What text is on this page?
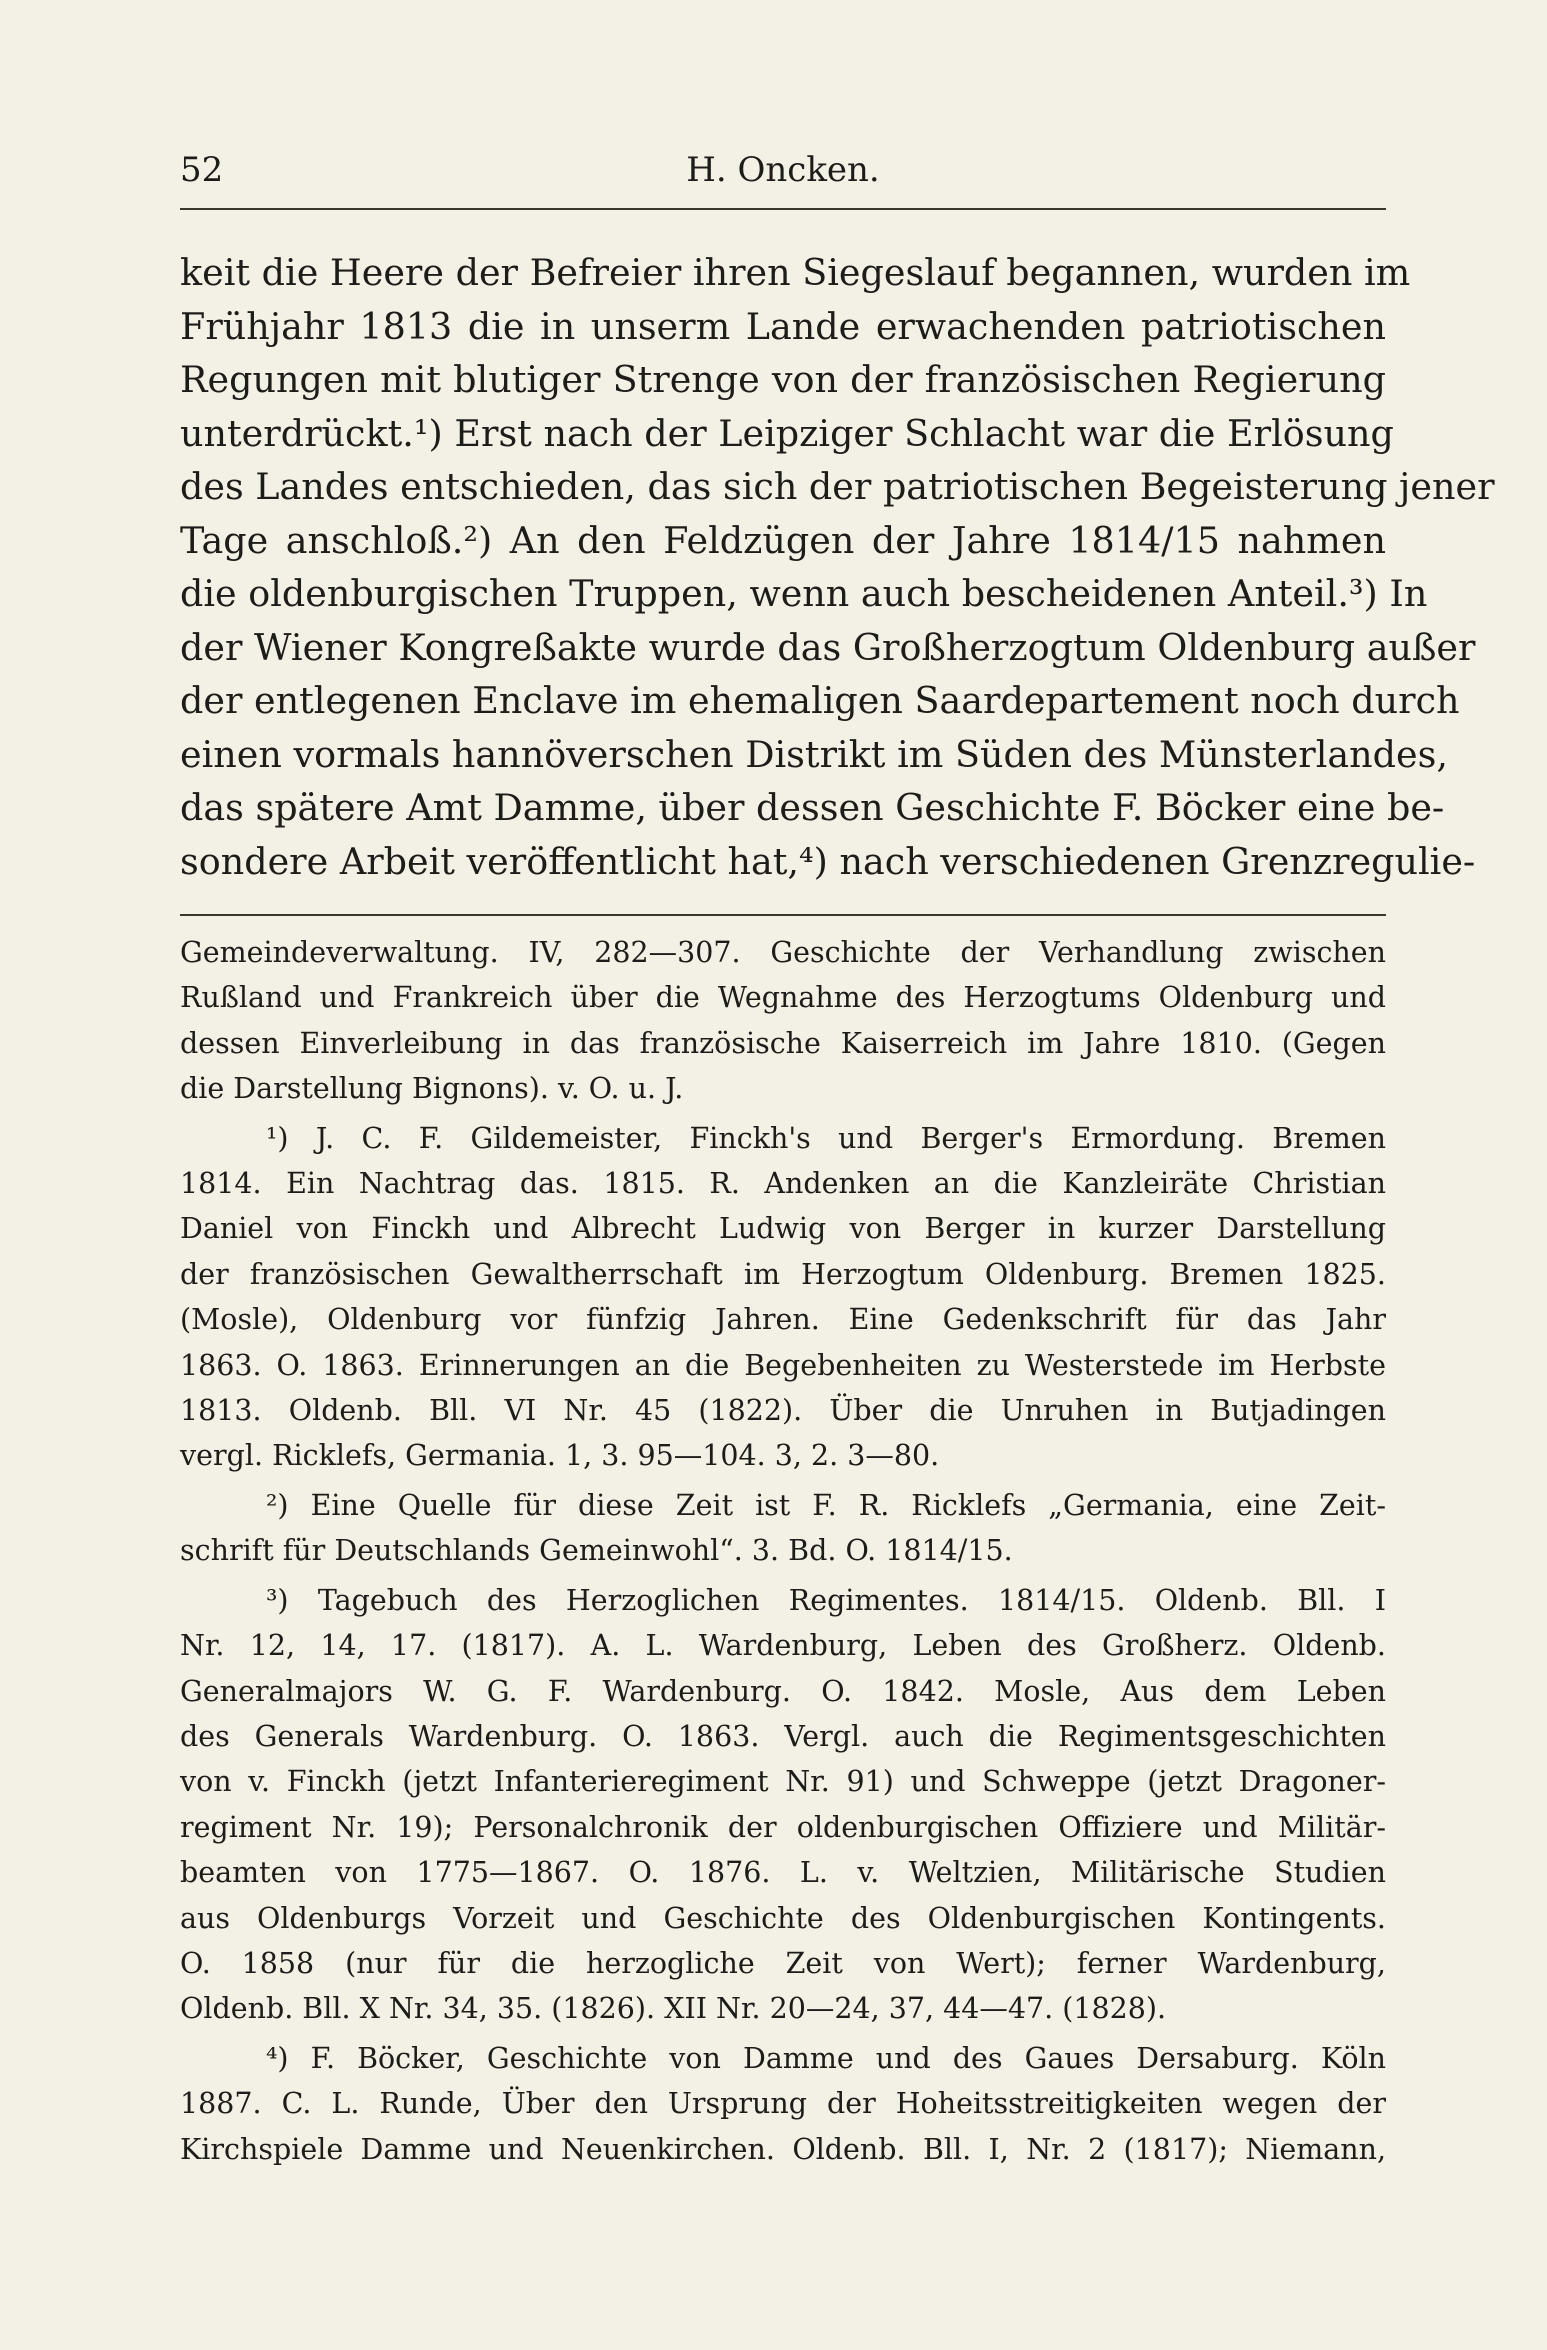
52	H. Oncken.
keit die Heere der Befreier ihren Siegeslauf begannen, wurden im
Frühjahr 1813 die in unserm Lande erwachenden patriotischen
Regungen mit blutiger Strenge von der französischen Regierung
unterdrückt.¹) Erst nach der Leipziger Schlacht war die Erlösung
des Landes entschieden, das sich der patriotischen Begeisterung jener
Tage anschloß.²) An den Feldzügen der Jahre 1814/15 nahmen
die oldenburgischen Truppen, wenn auch bescheidenen Anteil.³) In
der Wiener Kongreßakte wurde das Großherzogtum Oldenburg außer
der entlegenen Enclave im ehemaligen Saardepartement noch durch
einen vormals hannöverschen Distrikt im Süden des Münsterlandes,
das spätere Amt Damme, über dessen Geschichte F. Böcker eine be-
sondere Arbeit veröffentlicht hat,⁴) nach verschiedenen Grenzregulie-
Gemeindeverwaltung. IV, 282—307. Geschichte der Verhandlung zwischen
Rußland und Frankreich über die Wegnahme des Herzogtums Oldenburg und
dessen Einverleibung in das französische Kaiserreich im Jahre 1810. (Gegen
die Darstellung Bignons). v. O. u. J.
¹) J. C. F. Gildemeister, Finckh's und Berger's Ermordung. Bremen
1814. Ein Nachtrag das. 1815. R. Andenken an die Kanzleiräte Christian
Daniel von Finckh und Albrecht Ludwig von Berger in kurzer Darstellung
der französischen Gewaltherrschaft im Herzogtum Oldenburg. Bremen 1825.
(Mosle), Oldenburg vor fünfzig Jahren. Eine Gedenkschrift für das Jahr
1863. O. 1863. Erinnerungen an die Begebenheiten zu Westerstede im Herbste
1813. Oldenb. Bll. VI Nr. 45 (1822). Über die Unruhen in Butjadingen
vergl. Ricklefs, Germania. 1, 3. 95—104. 3, 2. 3—80.
²) Eine Quelle für diese Zeit ist F. R. Ricklefs „Germania, eine Zeit-
schrift für Deutschlands Gemeinwohl“. 3. Bd. O. 1814/15.
³) Tagebuch des Herzoglichen Regimentes. 1814/15. Oldenb. Bll. I
Nr. 12, 14, 17. (1817). A. L. Wardenburg, Leben des Großherz. Oldenb.
Generalmajors W. G. F. Wardenburg. O. 1842. Mosle, Aus dem Leben
des Generals Wardenburg. O. 1863. Vergl. auch die Regimentsgeschichten
von v. Finckh (jetzt Infanterieregiment Nr. 91) und Schweppe (jetzt Dragoner-
regiment Nr. 19); Personalchronik der oldenburgischen Offiziere und Militär-
beamten von 1775—1867. O. 1876. L. v. Weltzien, Militärische Studien
aus Oldenburgs Vorzeit und Geschichte des Oldenburgischen Kontingents.
O. 1858 (nur für die herzogliche Zeit von Wert); ferner Wardenburg,
Oldenb. Bll. X Nr. 34, 35. (1826). XII Nr. 20—24, 37, 44—47. (1828).
⁴) F. Böcker, Geschichte von Damme und des Gaues Dersaburg. Köln
1887. C. L. Runde, Über den Ursprung der Hoheitsstreitigkeiten wegen der
Kirchspiele Damme und Neuenkirchen. Oldenb. Bll. I, Nr. 2 (1817); Niemann,
